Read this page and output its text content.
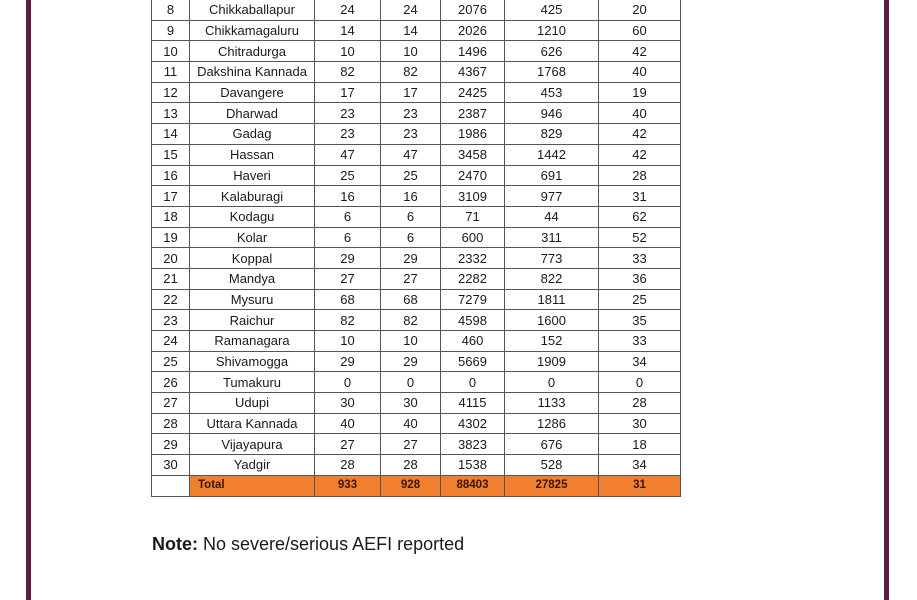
8	Chikkaballapur	24	24	2076	425	20
9	Chikkamagaluru	14	14	2026	1210	60
10	Chitradurga	10	10	1496	626	42
11	Dakshina Kannada	82	82	4367	1768	40
12	Davangere	17	17	2425	453	19
13	Dharwad	23	23	2387	946	40
14	Gadag	23	23	1986	829	42
15	Hassan	47	47	3458	1442	42
16	Haveri	25	25	2470	691	28
17	Kalaburagi	16	16	3109	977	31
18	Kodagu	6	6	71	44	62
19	Kolar	6	6	600	311	52
20	Koppal	29	29	2332	773	33
21	Mandya	27	27	2282	822	36
22	Mysuru	68	68	7279	1811	25
23	Raichur	82	82	4598	1600	35
24	Ramanagara	10	10	460	152	33
25	Shivamogga	29	29	5669	1909	34
26	Tumakuru	0	0	0	0	0
27	Udupi	30	30	4115	1133	28
28	Uttara Kannada	40	40	4302	1286	30
29	Vijayapura	27	27	3823	676	18
30	Yadgir	28	28	1538	528	34
	Total	933	928	88403	27825	31
Note: No severe/serious AEFI reported
